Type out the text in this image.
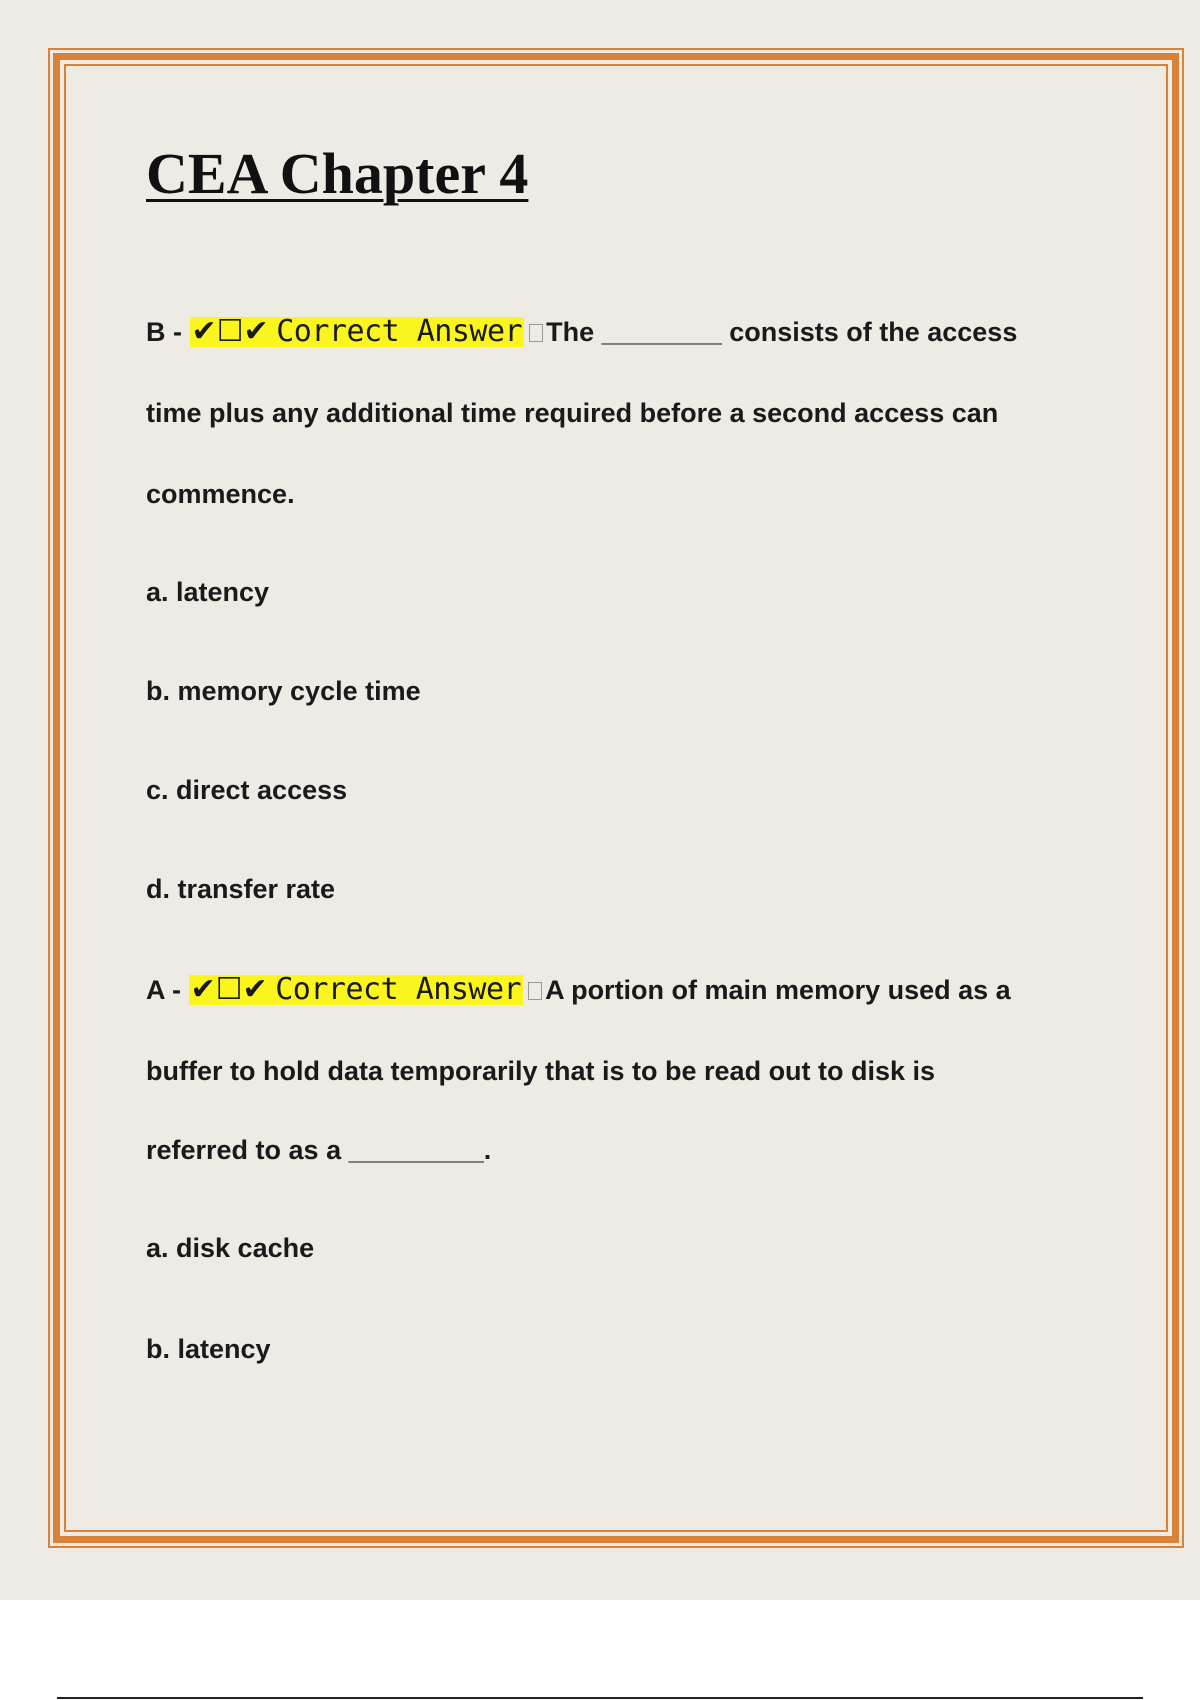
CEA Chapter 4
B - ✔☐✔ Correct Answer The ________ consists of the access
time plus any additional time required before a second access can
commence.
a. latency
b. memory cycle time
c. direct access
d. transfer rate
A - ✔☐✔ Correct Answer A portion of main memory used as a
buffer to hold data temporarily that is to be read out to disk is
referred to as a _________.
a. disk cache
b. latency
